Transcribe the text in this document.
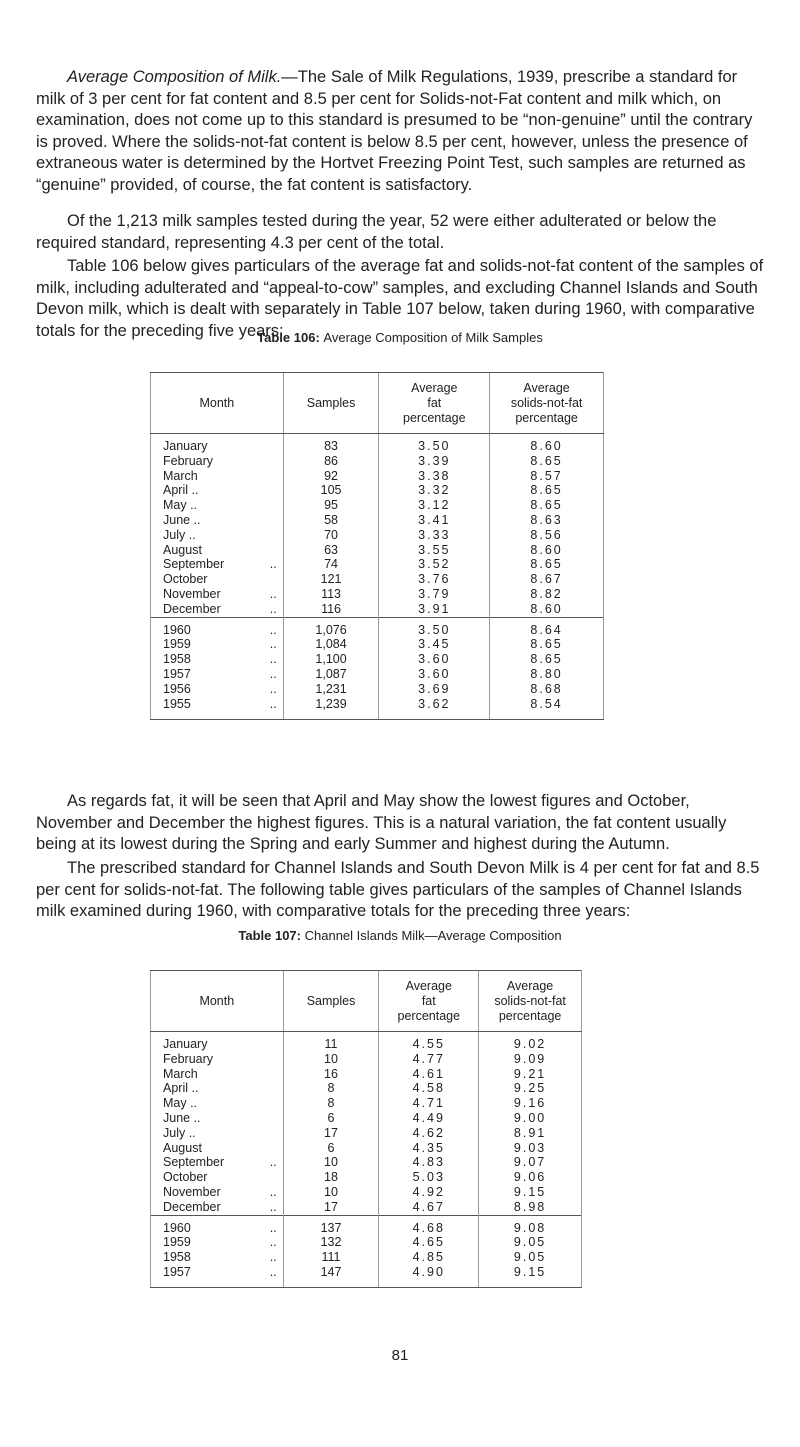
Average Composition of Milk.—The Sale of Milk Regulations, 1939, prescribe a standard for milk of 3 per cent for fat content and 8.5 per cent for Solids-not-Fat content and milk which, on examination, does not come up to this standard is presumed to be “non-genuine” until the contrary is proved. Where the solids-not-fat content is below 8.5 per cent, however, unless the presence of extraneous water is determined by the Hortvet Freezing Point Test, such samples are returned as “genuine” provided, of course, the fat content is satisfactory.

Of the 1,213 milk samples tested during the year, 52 were either adulterated or below the required standard, representing 4.3 per cent of the total.

Table 106 below gives particulars of the average fat and solids-not-fat content of the samples of milk, including adulterated and “appeal-to-cow” samples, and excluding Channel Islands and South Devon milk, which is dealt with separately in Table 107 below, taken during 1960, with comparative totals for the preceding five years:

Table 106: Average Composition of Milk Samples

Month	Samples	Average
fat
percentage	Average
solids-not-fat
percentage
January	83	3.50	8.60
February	86	3.39	8.65
March	92	3.38	8.57
April ..	105	3.32	8.65
May ..	95	3.12	8.65
June ..	58	3.41	8.63
July ..	70	3.33	8.56
August	63	3.55	8.60
September ..	74	3.52	8.65
October	121	3.76	8.67
November ..	113	3.79	8.82
December ..	116	3.91	8.60
1960 ..	1,076	3.50	8.64
1959 ..	1,084	3.45	8.65
1958 ..	1,100	3.60	8.65
1957 ..	1,087	3.60	8.80
1956 ..	1,231	3.69	8.68
1955 ..	1,239	3.62	8.54

As regards fat, it will be seen that April and May show the lowest figures and October, November and December the highest figures. This is a natural variation, the fat content usually being at its lowest during the Spring and early Summer and highest during the Autumn.

The prescribed standard for Channel Islands and South Devon Milk is 4 per cent for fat and 8.5 per cent for solids-not-fat. The following table gives particulars of the samples of Channel Islands milk examined during 1960, with comparative totals for the preceding three years:

Table 107: Channel Islands Milk—Average Composition

Month	Samples	Average
fat
percentage	Average
solids-not-fat
percentage
January	11	4.55	9.02
February	10	4.77	9.09
March	16	4.61	9.21
April ..	8	4.58	9.25
May ..	8	4.71	9.16
June ..	6	4.49	9.00
July ..	17	4.62	8.91
August	6	4.35	9.03
September ..	10	4.83	9.07
October	18	5.03	9.06
November ..	10	4.92	9.15
December ..	17	4.67	8.98
1960 ..	137	4.68	9.08
1959 ..	132	4.65	9.05
1958 ..	111	4.85	9.05
1957 ..	147	4.90	9.15
81
